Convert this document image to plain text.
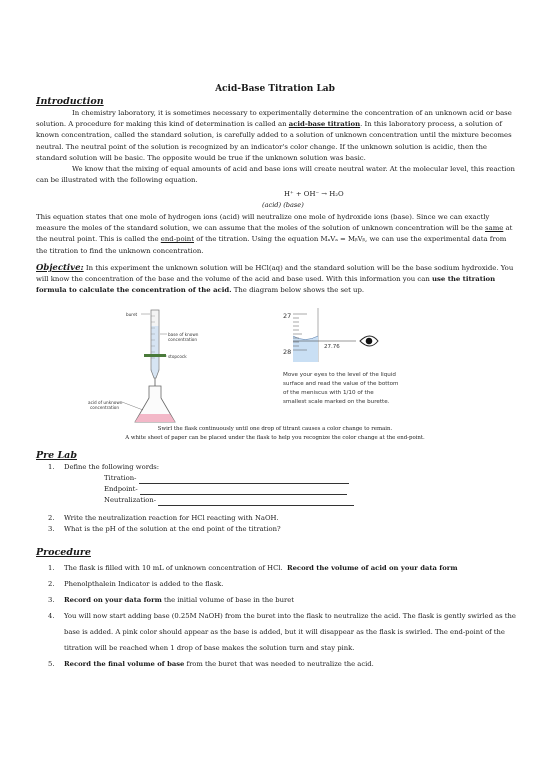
Acid-Base Titration Lab
Introduction

In chemistry laboratory, it is sometimes necessary to experimentally determine the concentration of an unknown acid or base solution. A procedure for making this kind of determination is called an acid-base titration. In this laboratory process, a solution of known concentration, called the standard solution, is carefully added to a solution of unknown concentration until the mixture becomes neutral. The neutral point of the solution is recognized by an indicator's color change. If the unknown solution is acidic, then the standard solution will be basic. The opposite would be true if the unknown solution was basic.

We know that the mixing of equal amounts of acid and base ions will create neutral water. At the molecular level, this reaction can be illustrated with the following equation.

H⁺ + OH⁻ → H₂O
(acid) (base)

This equation states that one mole of hydrogen ions (acid) will neutralize one mole of hydroxide ions (base). Since we can exactly measure the moles of the standard solution, we can assume that the moles of the solution of unknown concentration will be the same at the neutral point. This is called the end-point of the titration. Using the equation MₐVₐ = MᵦVᵦ, we can use the experimental data from the titration to find the unknown concentration.

Objective: In this experiment the unknown solution will be HCl(aq) and the standard solution will be the base sodium hydroxide. You will know the concentration of the base and the volume of the acid and base used. With this information you can use the titration formula to calculate the concentration of the acid. The diagram below shows the set up.

buret
base of known
concentration
stopcock
acid of unknown
concentration
27
28
27.76
Move your eyes to the level of the liquid
surface and read the value of the bottom
of the meniscus with 1/10 of the
smallest scale marked on the burette.
Swirl the flask continuously until one drop of titrant causes a color change to remain.
A white sheet of paper can be placed under the flask to help you recognize the color change at the end-point.
Pre Lab
1. Define the following words:
Titration-
Endpoint-
Neutralization-
2. Write the neutralization reaction for HCl reacting with NaOH.
3. What is the pH of the solution at the end point of the titration?
Procedure
1. The flask is filled with 10 mL of unknown concentration of HCl. Record the volume of acid on your data form
2. Phenolpthalein Indicator is added to the flask.
3. Record on your data form the initial volume of base in the buret
4. You will now start adding base (0.25M NaOH) from the buret into the flask to neutralize the acid. The flask is gently swirled as the base is added. A pink color should appear as the base is added, but it will disappear as the flask is swirled. The end-point of the titration will be reached when 1 drop of base makes the solution turn and stay pink.
5. Record the final volume of base from the buret that was needed to neutralize the acid.
